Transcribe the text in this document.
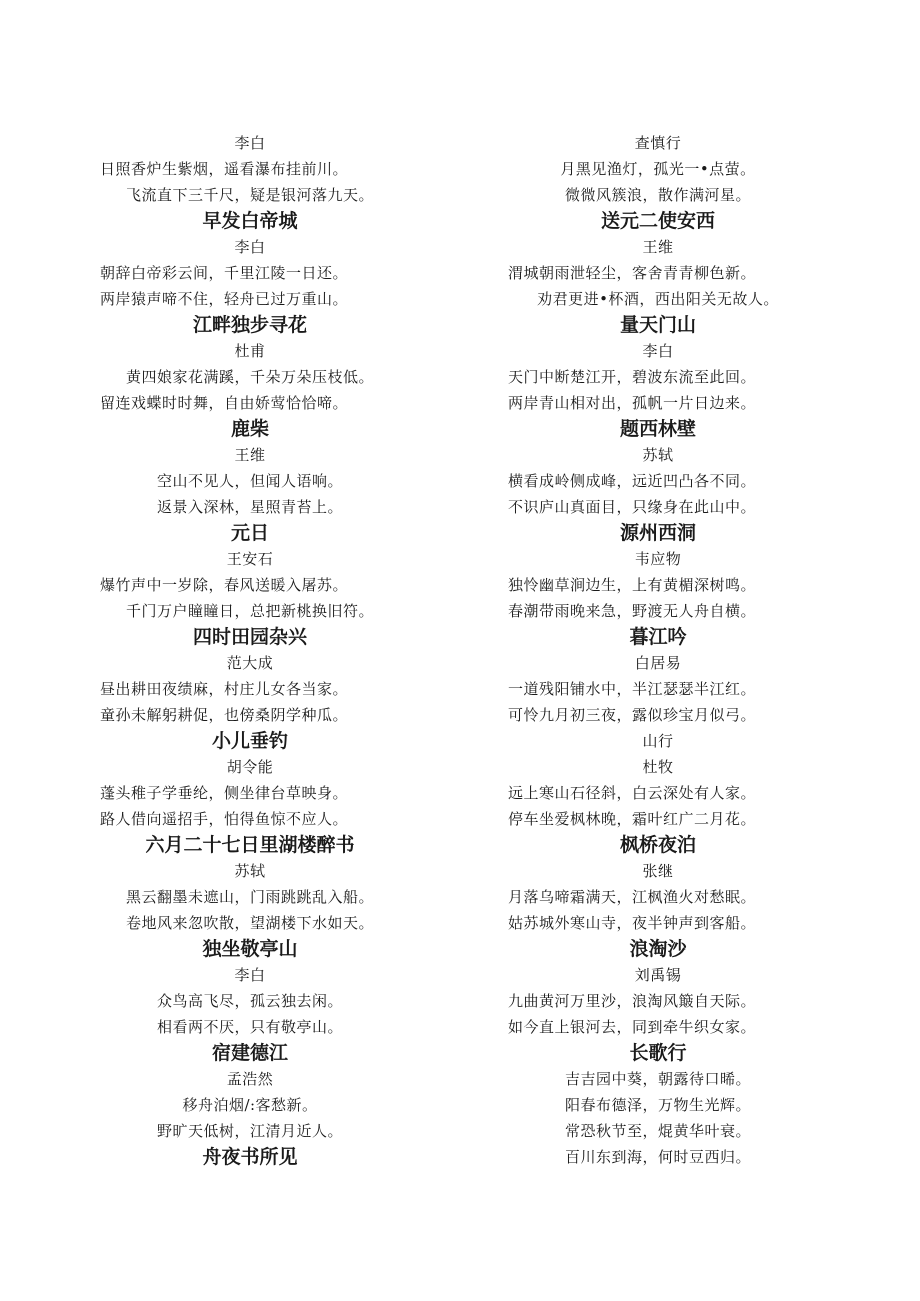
李白
日照香炉生紫烟，遥看瀑布挂前川。
飞流直下三千尺，疑是银河落九天。
早发白帝城
李白
朝辞白帝彩云间，千里江陵一日还。
两岸猿声啼不住，轻舟已过万重山。
江畔独步寻花
杜甫
黄四娘家花满蹊，千朵万朵压枝低。
留连戏蝶时时舞，自由娇莺恰恰啼。
鹿柴
王维
空山不见人，但闻人语响。
返景入深林，星照青苔上。
元日
王安石
爆竹声中一岁除，春风送暖入屠苏。
千门万户瞳瞳日，总把新桃换旧符。
四时田园杂兴
范大成
昼出耕田夜绩麻，村庄儿女各当家。
童孙未解躬耕促，也傍桑阴学种瓜。
小儿垂钓
胡令能
蓬头稚子学垂纶，侧坐律台草映身。
路人借向遥招手，怕得鱼惊不应人。
六月二十七日里湖楼醉书
苏轼
黑云翻墨未遮山，门雨跳跳乱入船。
卷地风来忽吹散，望湖楼下水如天。
独坐敬亭山
李白
众鸟高飞尽，孤云独去闲。
相看两不厌，只有敬亭山。
宿建德江
孟浩然
移舟泊烟/:客愁新。
野旷天低树，江清月近人。
舟夜书所见
查慎行
月黑见渔灯，孤光一•点萤。
微微风簇浪，散作满河星。
送元二使安西
王维
渭城朝雨泄轻尘，客舍青青柳色新。
劝君更进•杯酒，西出阳关无故人。
量天门山
李白
天门中断楚江开，碧波东流至此回。
两岸青山相对出，孤帆一片日边来。
题西林壁
苏轼
横看成岭侧成峰，远近凹凸各不同。
不识庐山真面目，只缘身在此山中。
源州西洞
韦应物
独怜幽草涧边生，上有黄楣深树鸣。
春潮带雨晚来急，野渡无人舟自横。
暮江吟
白居易
一道残阳铺水中，半江瑟瑟半江红。
可怜九月初三夜，露似珍宝月似弓。
山行
杜牧
远上寒山石径斜，白云深处有人家。
停车坐爱枫林晚，霜叶红广二月花。
枫桥夜泊
张继
月落乌啼霜满天，江枫渔火对愁眠。
姑苏城外寒山寺，夜半钟声到客船。
浪淘沙
刘禹锡
九曲黄河万里沙，浪淘风簸自天际。
如今直上银河去，同到牵牛织女家。
长歌行
吉吉园中葵，朝露待口晞。
阳春布德泽，万物生光辉。
常恐秋节至，焜黄华叶衰。
百川东到海，何时豆西归。
